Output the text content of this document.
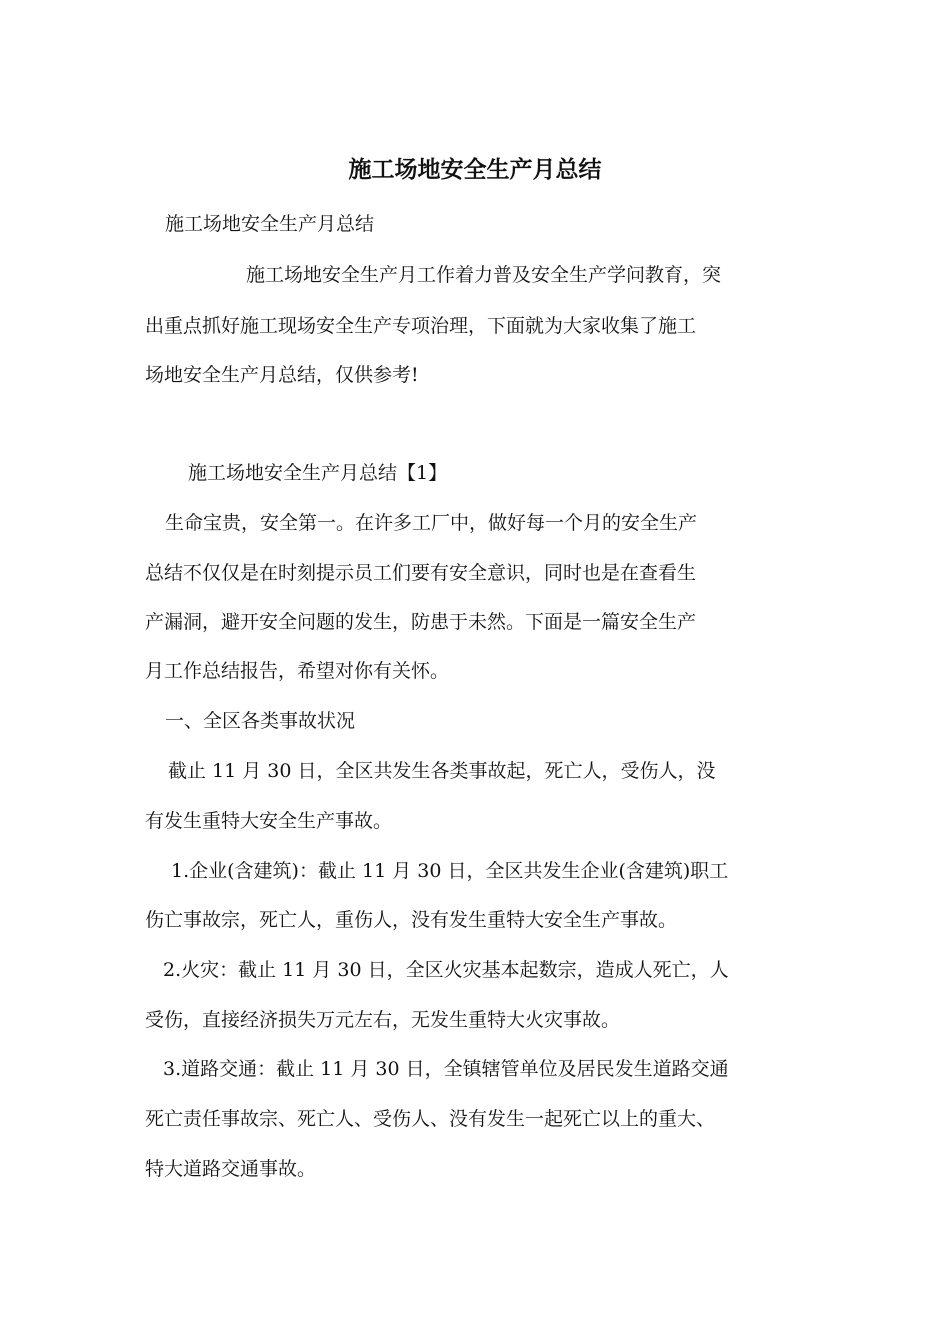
施工场地安全生产月总结
施工场地安全生产月总结
施工场地安全生产月工作着力普及安全生产学问教育，突
出重点抓好施工现场安全生产专项治理，下面就为大家收集了施工
场地安全生产月总结，仅供参考!
施工场地安全生产月总结【1】
生命宝贵，安全第一。在许多工厂中，做好每一个月的安全生产
总结不仅仅是在时刻提示员工们要有安全意识，同时也是在查看生
产漏洞，避开安全问题的发生，防患于未然。下面是一篇安全生产
月工作总结报告，希望对你有关怀。
一、全区各类事故状况
截止 11 月 30 日，全区共发生各类事故起，死亡人，受伤人，没
有发生重特大安全生产事故。
1.企业(含建筑)：截止 11 月 30 日，全区共发生企业(含建筑)职工
伤亡事故宗，死亡人，重伤人，没有发生重特大安全生产事故。
2.火灾：截止 11 月 30 日，全区火灾基本起数宗，造成人死亡，人
受伤，直接经济损失万元左右，无发生重特大火灾事故。
3.道路交通：截止 11 月 30 日，全镇辖管单位及居民发生道路交通
死亡责任事故宗、死亡人、受伤人、没有发生一起死亡以上的重大、
特大道路交通事故。
